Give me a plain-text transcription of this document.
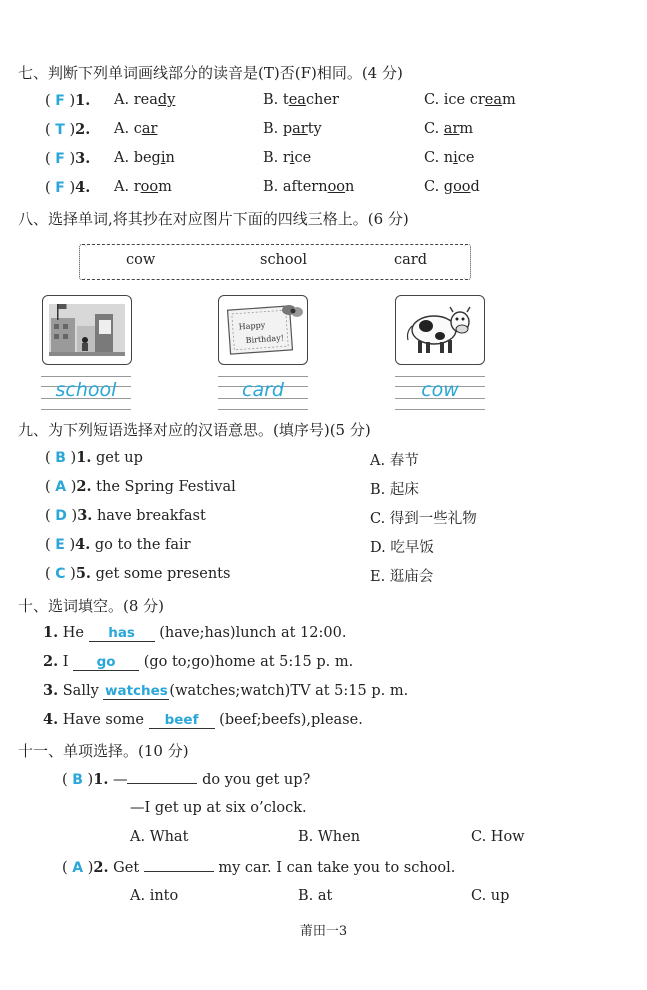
七、判断下列单词画线部分的读音是(T)否(F)相同。(4 分)
( F )1. A. ready	B. teacher	C. ice cream
( T )2. A. car	B. party	C. arm
( F )3. A. begin	B. rice	C. nice
( F )4. A. room	B. afternoon	C. good
八、选择单词,将其抄在对应图片下面的四线三格上。(6 分)
cow	school	card
Happy
Birthday!
school	card	cow
九、为下列短语选择对应的汉语意思。(填序号)(5 分)
( B )1. get up	A. 春节
( A )2. the Spring Festival	B. 起床
( D )3. have breakfast	C. 得到一些礼物
( E )4. go to the fair	D. 吃早饭
( C )5. get some presents	E. 逛庙会
十、选词填空。(8 分)
1. He has (have;has)lunch at 12:00.
2. I go (go to;go)home at 5:15 p. m.
3. Sally watches (watches;watch)TV at 5:15 p. m.
4. Have some beef (beef;beefs),please.
十一、单项选择。(10 分)
( B )1. —	do you get up?
—I get up at six o’clock.
A. What	B. When	C. How
( A )2. Get	my car. I can take you to school.
A. into	B. at	C. up
莆田一3
